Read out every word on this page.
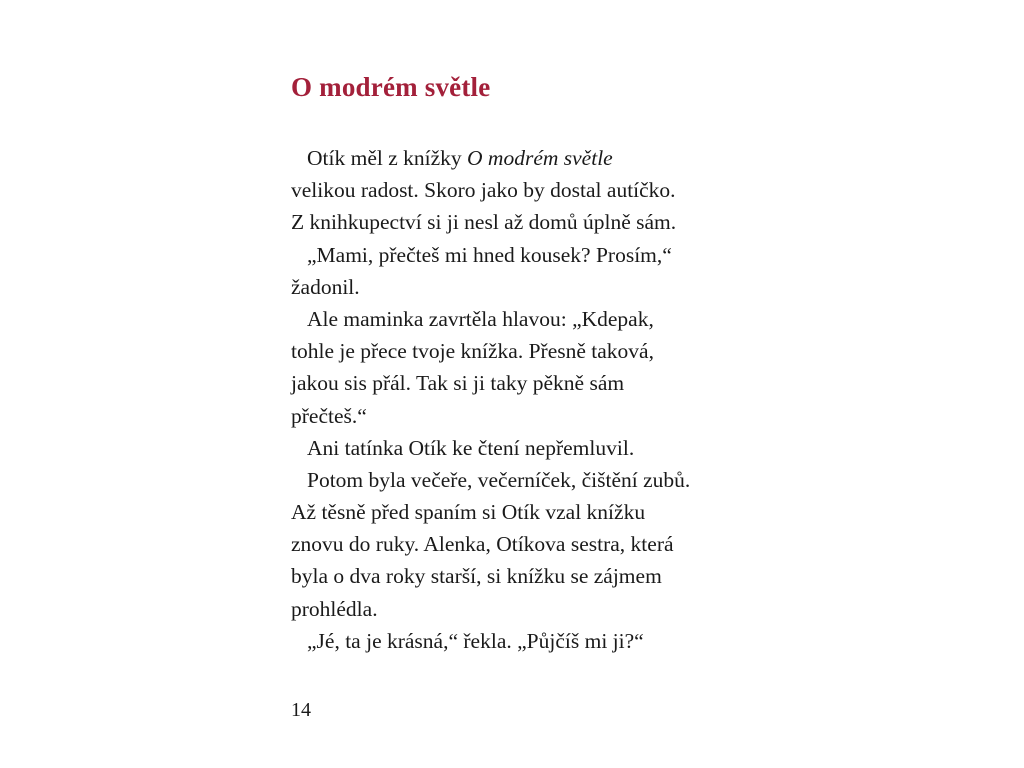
O modrém světle
Otík měl z knížky O modrém světle
velikou radost. Skoro jako by dostal autíčko.
Z knihkupectví si ji nesl až domů úplně sám.
„Mami, přečteš mi hned kousek? Prosím,“
žadonil.
Ale maminka zavrtěla hlavou: „Kdepak,
tohle je přece tvoje knížka. Přesně taková,
jakou sis přál. Tak si ji taky pěkně sám
přečteš.“
Ani tatínka Otík ke čtení nepřemluvil.
Potom byla večeře, večerníček, čištění zubů.
Až těsně před spaním si Otík vzal knížku
znovu do ruky. Alenka, Otíkova sestra, která
byla o dva roky starší, si knížku se zájmem
prohlédla.
„Jé, ta je krásná,“ řekla. „Půjčíš mi ji?“
14
